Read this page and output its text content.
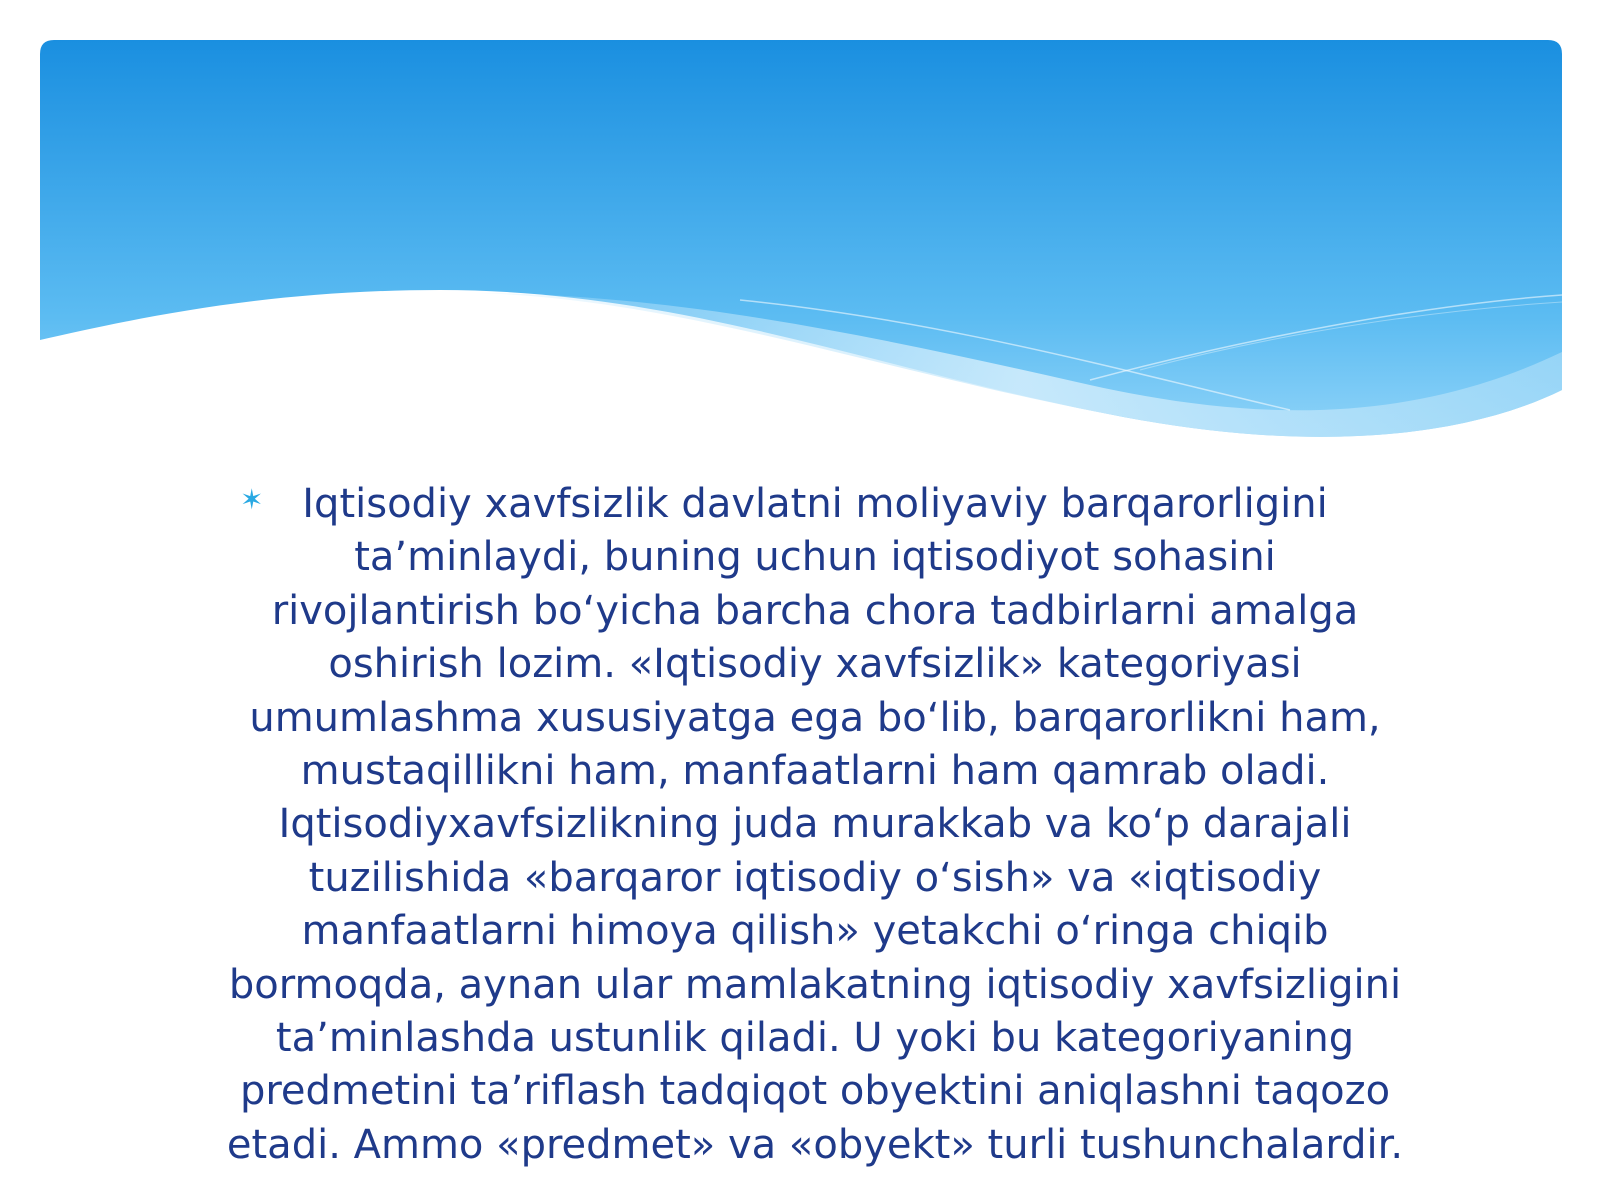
✶ Iqtisodiy xavfsizlik davlatni moliyaviy barqarorligini ta’minlaydi, buning uchun iqtisodiyot sohasini rivojlantirish bo‘yicha barcha chora tadbirlarni amalga oshirish lozim. «Iqtisodiy xavfsizlik» kategoriyasi umumlashma xususiyatga ega bo‘lib, barqarorlikni ham, mustaqillikni ham, manfaatlarni ham qamrab oladi. Iqtisodiyxavfsizlikning juda murakkab va ko‘p darajali tuzilishida «barqaror iqtisodiy o‘sish» va «iqtisodiy manfaatlarni himoya qilish» yetakchi o‘ringa chiqib bormoqda, aynan ular mamlakatning iqtisodiy xavfsizligini ta’minlashda ustunlik qiladi. U yoki bu kategoriyaning predmetini ta’riflash tadqiqot obyektini aniqlashni taqozo etadi. Ammo «predmet» va «obyekt» turli tushunchalardir.
